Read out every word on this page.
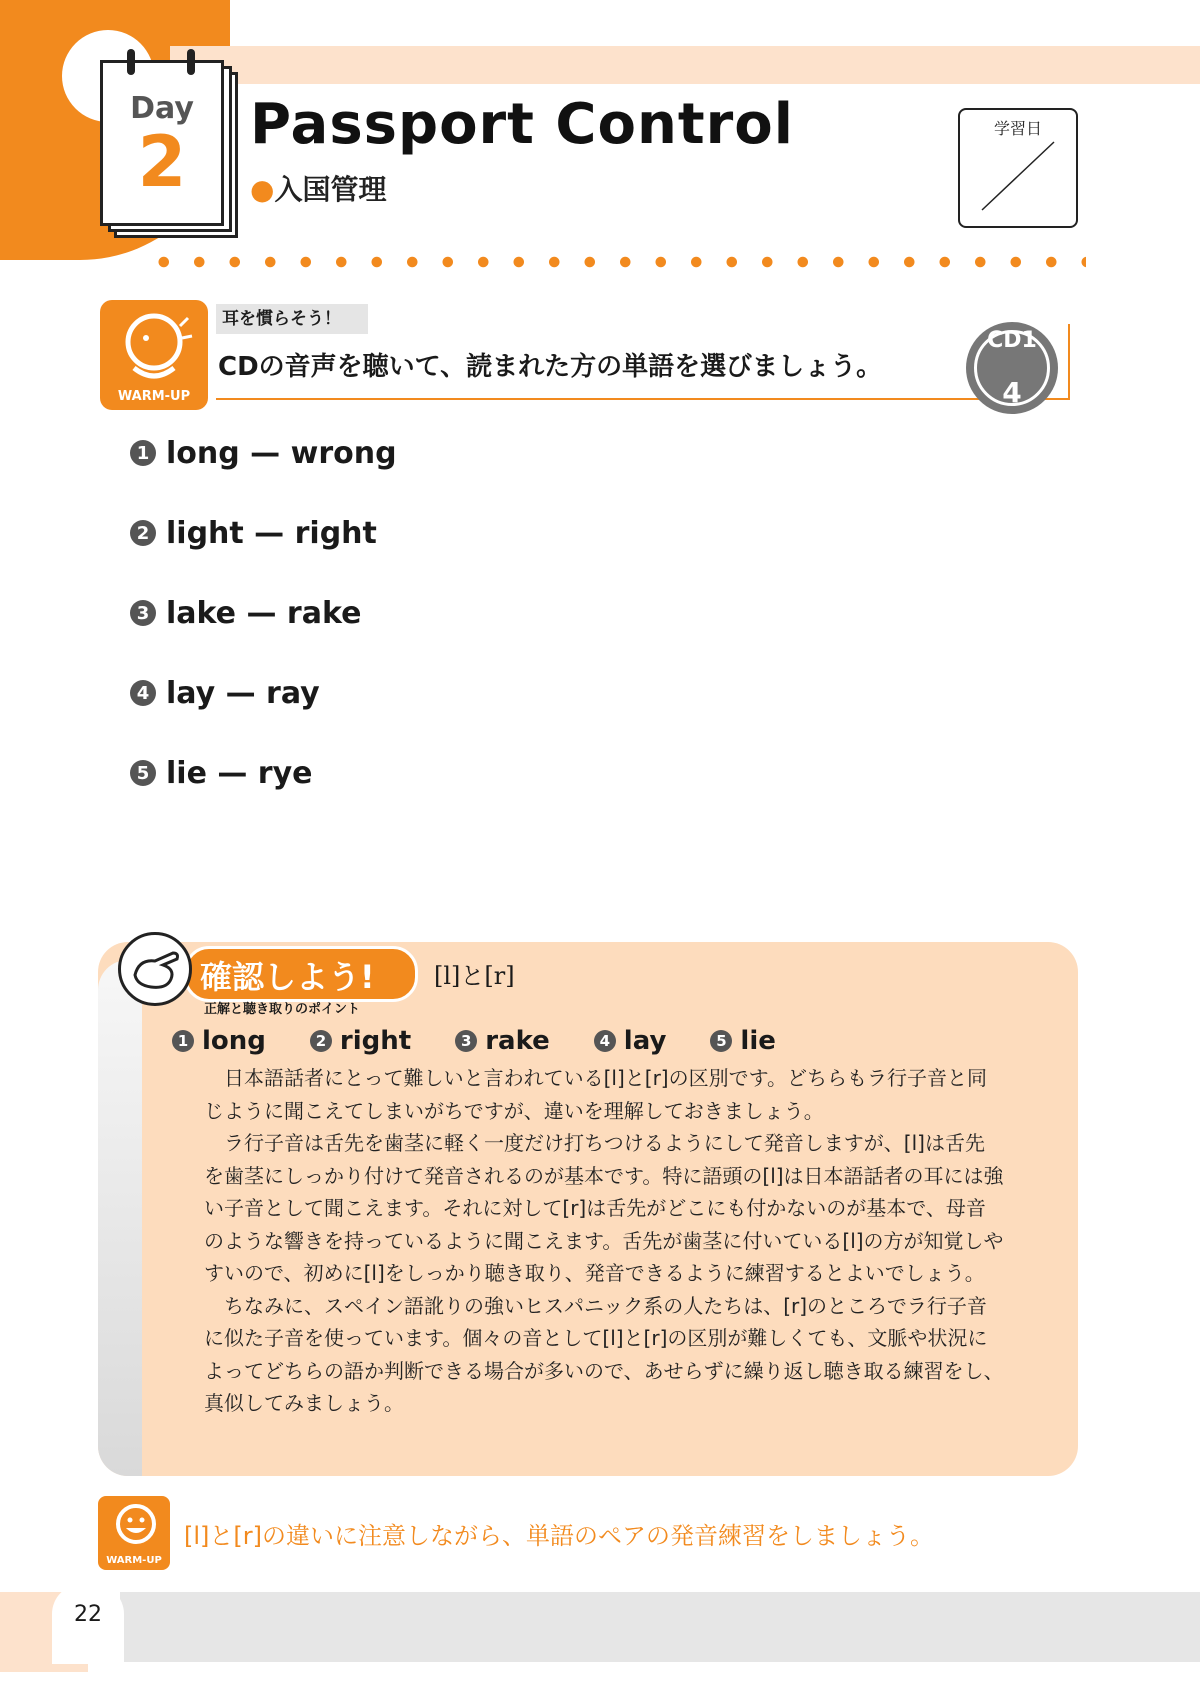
Day
2	Passport Control
●入国管理
学習日
WARM-UP
耳を慣らそう！
CDの音声を聴いて、読まれた方の単語を選びましょう。
CD1
4
1 long — wrong
2 light — right
3 lake — rake
4 lay — ray
5 lie — rye
確認しよう! [l]と[r]
正解と聴き取りのポイント
1 long	2 right	3 rake	4 lay	5 lie

日本語話者にとって難しいと言われている[l]と[r]の区別です。どちらもラ行子音と同じように聞こえてしまいがちですが、違いを理解しておきましょう。

ラ行子音は舌先を歯茎に軽く一度だけ打ちつけるようにして発音しますが、[l]は舌先を歯茎にしっかり付けて発音されるのが基本です。特に語頭の[l]は日本語話者の耳には強い子音として聞こえます。それに対して[r]は舌先がどこにも付かないのが基本で、母音のような響きを持っているように聞こえます。舌先が歯茎に付いている[l]の方が知覚しやすいので、初めに[l]をしっかり聴き取り、発音できるように練習するとよいでしょう。

ちなみに、スペイン語訛りの強いヒスパニック系の人たちは、[r]のところでラ行子音に似た子音を使っています。個々の音として[l]と[r]の区別が難しくても、文脈や状況によってどちらの語か判断できる場合が多いので、あせらずに繰り返し聴き取る練習をし、真似してみましょう。

WARM-UP
[l]と[r]の違いに注意しながら、単語のペアの発音練習をしましょう。
22
